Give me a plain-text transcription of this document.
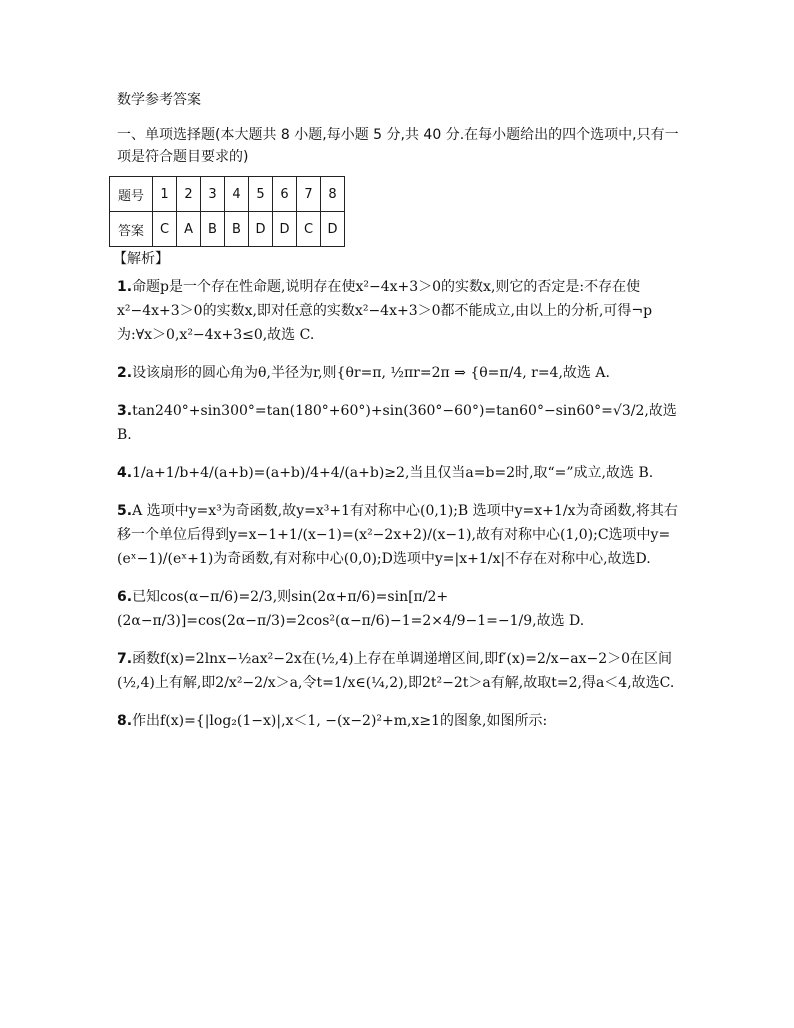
数学参考答案
一、单项选择题(本大题共 8 小题,每小题 5 分,共 40 分.在每小题给出的四个选项中,只有一项是符合题目要求的)
题号	1	2	3	4	5	6	7	8
答案	C	A	B	B	D	D	C	D
【解析】
1.命题p是一个存在性命题,说明存在使x²−4x+3＞0的实数x,则它的否定是:不存在使x²−4x+3＞0的实数x,即对任意的实数x²−4x+3＞0都不能成立,由以上的分析,可得¬p为:∀x＞0,x²−4x+3≤0,故选 C.
2.设该扇形的圆心角为θ,半径为r,则{θr=π, ½πr=2π ⇒ {θ=π/4, r=4,故选 A.
3.tan240°+sin300°=tan(180°+60°)+sin(360°−60°)=tan60°−sin60°=√3/2,故选 B.
4.1/a+1/b+4/(a+b)=(a+b)/4+4/(a+b)≥2,当且仅当a=b=2时,取“=”成立,故选 B.
5.A 选项中y=x³为奇函数,故y=x³+1有对称中心(0,1);B 选项中y=x+1/x为奇函数,将其右移一个单位后得到y=x−1+1/(x−1)=(x²−2x+2)/(x−1),故有对称中心(1,0);C选项中y=(eˣ−1)/(eˣ+1)为奇函数,有对称中心(0,0);D选项中y=|x+1/x|不存在对称中心,故选D.
6.已知cos(α−π/6)=2/3,则sin(2α+π/6)=sin[π/2+(2α−π/3)]=cos(2α−π/3)=2cos²(α−π/6)−1=2×4/9−1=−1/9,故选 D.
7.函数f(x)=2lnx−½ax²−2x在(½,4)上存在单调递增区间,即f′(x)=2/x−ax−2＞0在区间(½,4)上有解,即2/x²−2/x＞a,令t=1/x∈(¼,2),即2t²−2t＞a有解,故取t=2,得a＜4,故选C.
8.作出f(x)={|log₂(1−x)|,x＜1, −(x−2)²+m,x≥1的图象,如图所示:
